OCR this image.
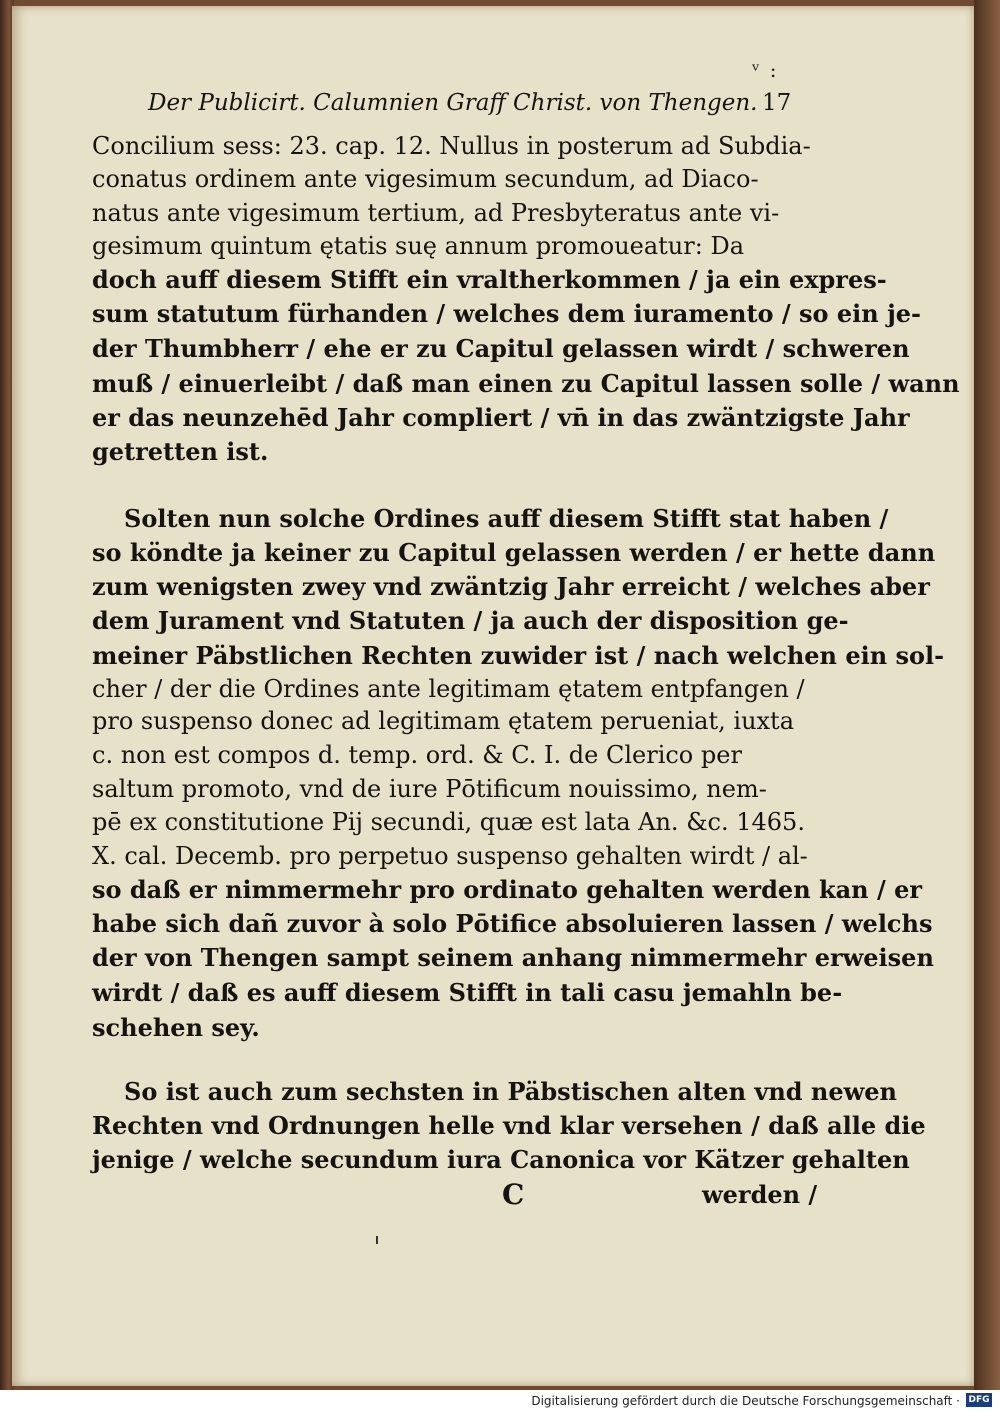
ᵛ :
Der Publicirt. Calumnien Graff Christ. von Thengen. 17
Concilium sess: 23. cap. 12. Nullus in posterum ad Subdia-
conatus ordinem ante vigesimum secundum, ad Diaco-
natus ante vigesimum tertium, ad Presbyteratus ante vi-
gesimum quintum ętatis suę annum promoueatur: Da
doch auff diesem Stifft ein vraltherkommen / ja ein expres-
sum statutum fürhanden / welches dem iuramento / so ein je-
der Thumbherr / ehe er zu Capitul gelassen wirdt / schweren
muß / einuerleibt / daß man einen zu Capitul lassen solle / wann
er das neunzehēd Jahr compliert / vn̄ in das zwäntzigste Jahr
getretten ist.
Solten nun solche Ordines auff diesem Stifft stat haben /
so köndte ja keiner zu Capitul gelassen werden / er hette dann
zum wenigsten zwey vnd zwäntzig Jahr erreicht / welches aber
dem Jurament vnd Statuten / ja auch der disposition ge-
meiner Päbstlichen Rechten zuwider ist / nach welchen ein sol-
cher / der die Ordines ante legitimam ętatem entpfangen /
pro suspenso donec ad legitimam ętatem perueniat, iuxta
c. non est compos d. temp. ord. & C. I. de Clerico per
saltum promoto, vnd de iure Pōtificum nouissimo, nem-
pē ex constitutione Pij secundi, quæ est lata An. &c. 1465.
X. cal. Decemb. pro perpetuo suspenso gehalten wirdt / al-
so daß er nimmermehr pro ordinato gehalten werden kan / er
habe sich dañ zuvor à solo Pōtifice absoluieren lassen / welchs
der von Thengen sampt seinem anhang nimmermehr erweisen
wirdt / daß es auff diesem Stifft in tali casu jemahln be-
schehen sey.
So ist auch zum sechsten in Päbstischen alten vnd newen
Rechten vnd Ordnungen helle vnd klar versehen / daß alle die
jenige / welche secundum iura Canonica vor Kätzer gehalten
C	werden /
Digitalisierung gefördert durch die Deutsche Forschungsgemeinschaft · DFG
